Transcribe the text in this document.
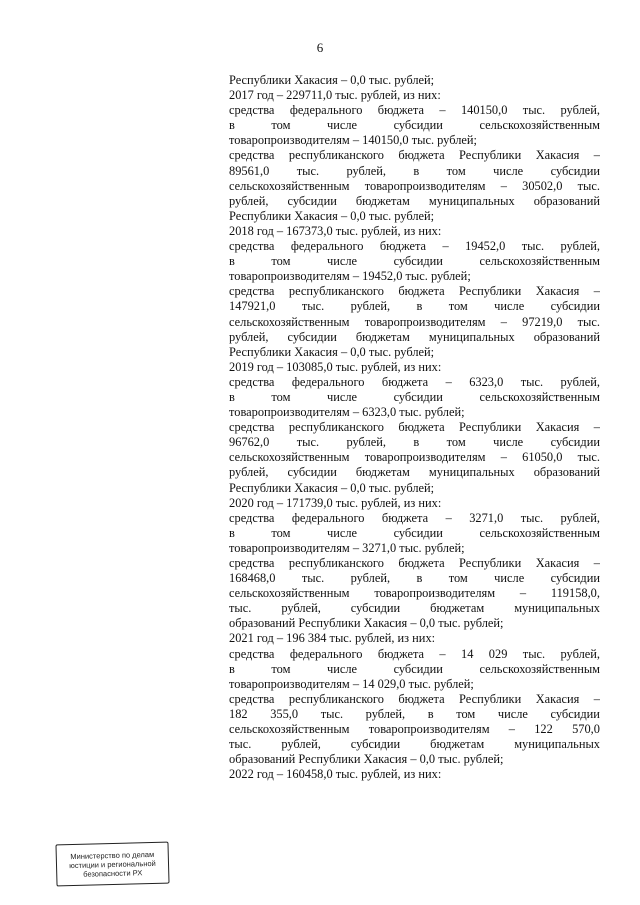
6
Республики Хакасия – 0,0 тыс. рублей;
2017 год – 229711,0 тыс. рублей, из них:
средства федерального бюджета – 140150,0 тыс. рублей,
в	том	числе	субсидии	сельскохозяйственным
товаропроизводителям – 140150,0 тыс. рублей;
средства республиканского бюджета Республики Хакасия –
89561,0 тыс. рублей, в том числе субсидии
сельскохозяйственным товаропроизводителям – 30502,0 тыс.
рублей, субсидии бюджетам муниципальных образований
Республики Хакасия – 0,0 тыс. рублей;
2018 год – 167373,0 тыс. рублей, из них:
средства федерального бюджета – 19452,0 тыс. рублей,
в	том	числе	субсидии	сельскохозяйственным
товаропроизводителям – 19452,0 тыс. рублей;
средства республиканского бюджета Республики Хакасия –
147921,0 тыс. рублей, в том числе субсидии
сельскохозяйственным товаропроизводителям – 97219,0 тыс.
рублей, субсидии бюджетам муниципальных образований
Республики Хакасия – 0,0 тыс. рублей;
2019 год – 103085,0 тыс. рублей, из них:
средства федерального бюджета – 6323,0 тыс. рублей,
в	том	числе	субсидии	сельскохозяйственным
товаропроизводителям – 6323,0 тыс. рублей;
средства республиканского бюджета Республики Хакасия –
96762,0 тыс. рублей, в том числе субсидии
сельскохозяйственным товаропроизводителям – 61050,0 тыс.
рублей, субсидии бюджетам муниципальных образований
Республики Хакасия – 0,0 тыс. рублей;
2020 год – 171739,0 тыс. рублей, из них:
средства федерального бюджета – 3271,0 тыс. рублей,
в	том	числе	субсидии	сельскохозяйственным
товаропроизводителям – 3271,0 тыс. рублей;
средства республиканского бюджета Республики Хакасия –
168468,0 тыс. рублей, в том числе субсидии
сельскохозяйственным товаропроизводителям – 119158,0,
тыс. рублей, субсидии бюджетам муниципальных
образований Республики Хакасия – 0,0 тыс. рублей;
2021 год – 196 384 тыс. рублей, из них:
средства федерального бюджета – 14 029 тыс. рублей,
в	том	числе	субсидии	сельскохозяйственным
товаропроизводителям – 14 029,0 тыс. рублей;
средства республиканского бюджета Республики Хакасия –
182 355,0 тыс. рублей, в том числе субсидии
сельскохозяйственным товаропроизводителям – 122 570,0
тыс. рублей, субсидии бюджетам муниципальных
образований Республики Хакасия – 0,0 тыс. рублей;
2022 год – 160458,0 тыс. рублей, из них:
Министерство по делам
юстиции и региональной
безопасности РХ
